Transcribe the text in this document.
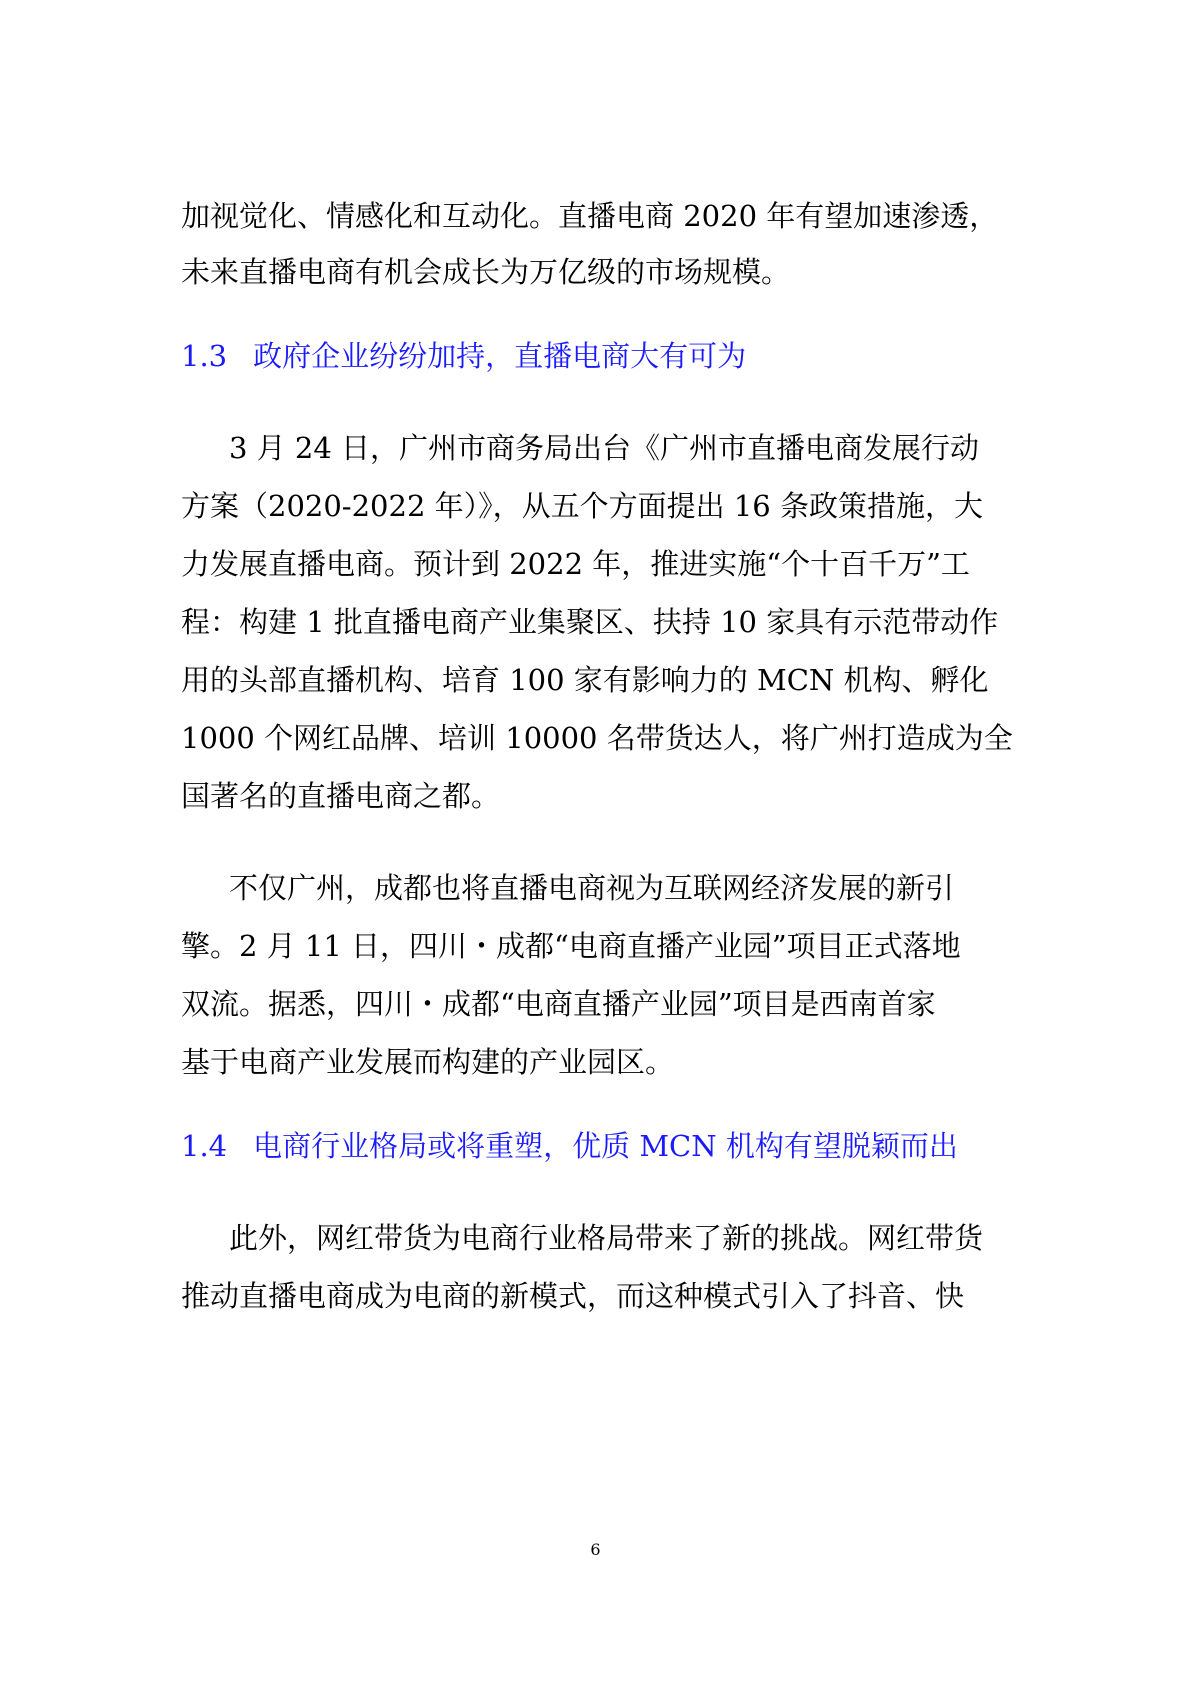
加视觉化、情感化和互动化。直播电商 2020 年有望加速渗透，
未来直播电商有机会成长为万亿级的市场规模。
1.3 政府企业纷纷加持，直播电商大有可为
3 月 24 日，广州市商务局出台《广州市直播电商发展行动
方案（2020-2022 年）》，从五个方面提出 16 条政策措施，大
力发展直播电商。预计到 2022 年，推进实施“个十百千万”工
程：构建 1 批直播电商产业集聚区、扶持 10 家具有示范带动作
用的头部直播机构、培育 100 家有影响力的 MCN 机构、孵化
1000 个网红品牌、培训 10000 名带货达人，将广州打造成为全
国著名的直播电商之都。
不仅广州，成都也将直播电商视为互联网经济发展的新引
擎。2 月 11 日，四川・成都“电商直播产业园”项目正式落地
双流。据悉，四川・成都“电商直播产业园”项目是西南首家
基于电商产业发展而构建的产业园区。
1.4 电商行业格局或将重塑，优质 MCN 机构有望脱颖而出
此外，网红带货为电商行业格局带来了新的挑战。网红带货
推动直播电商成为电商的新模式，而这种模式引入了抖音、快
6
